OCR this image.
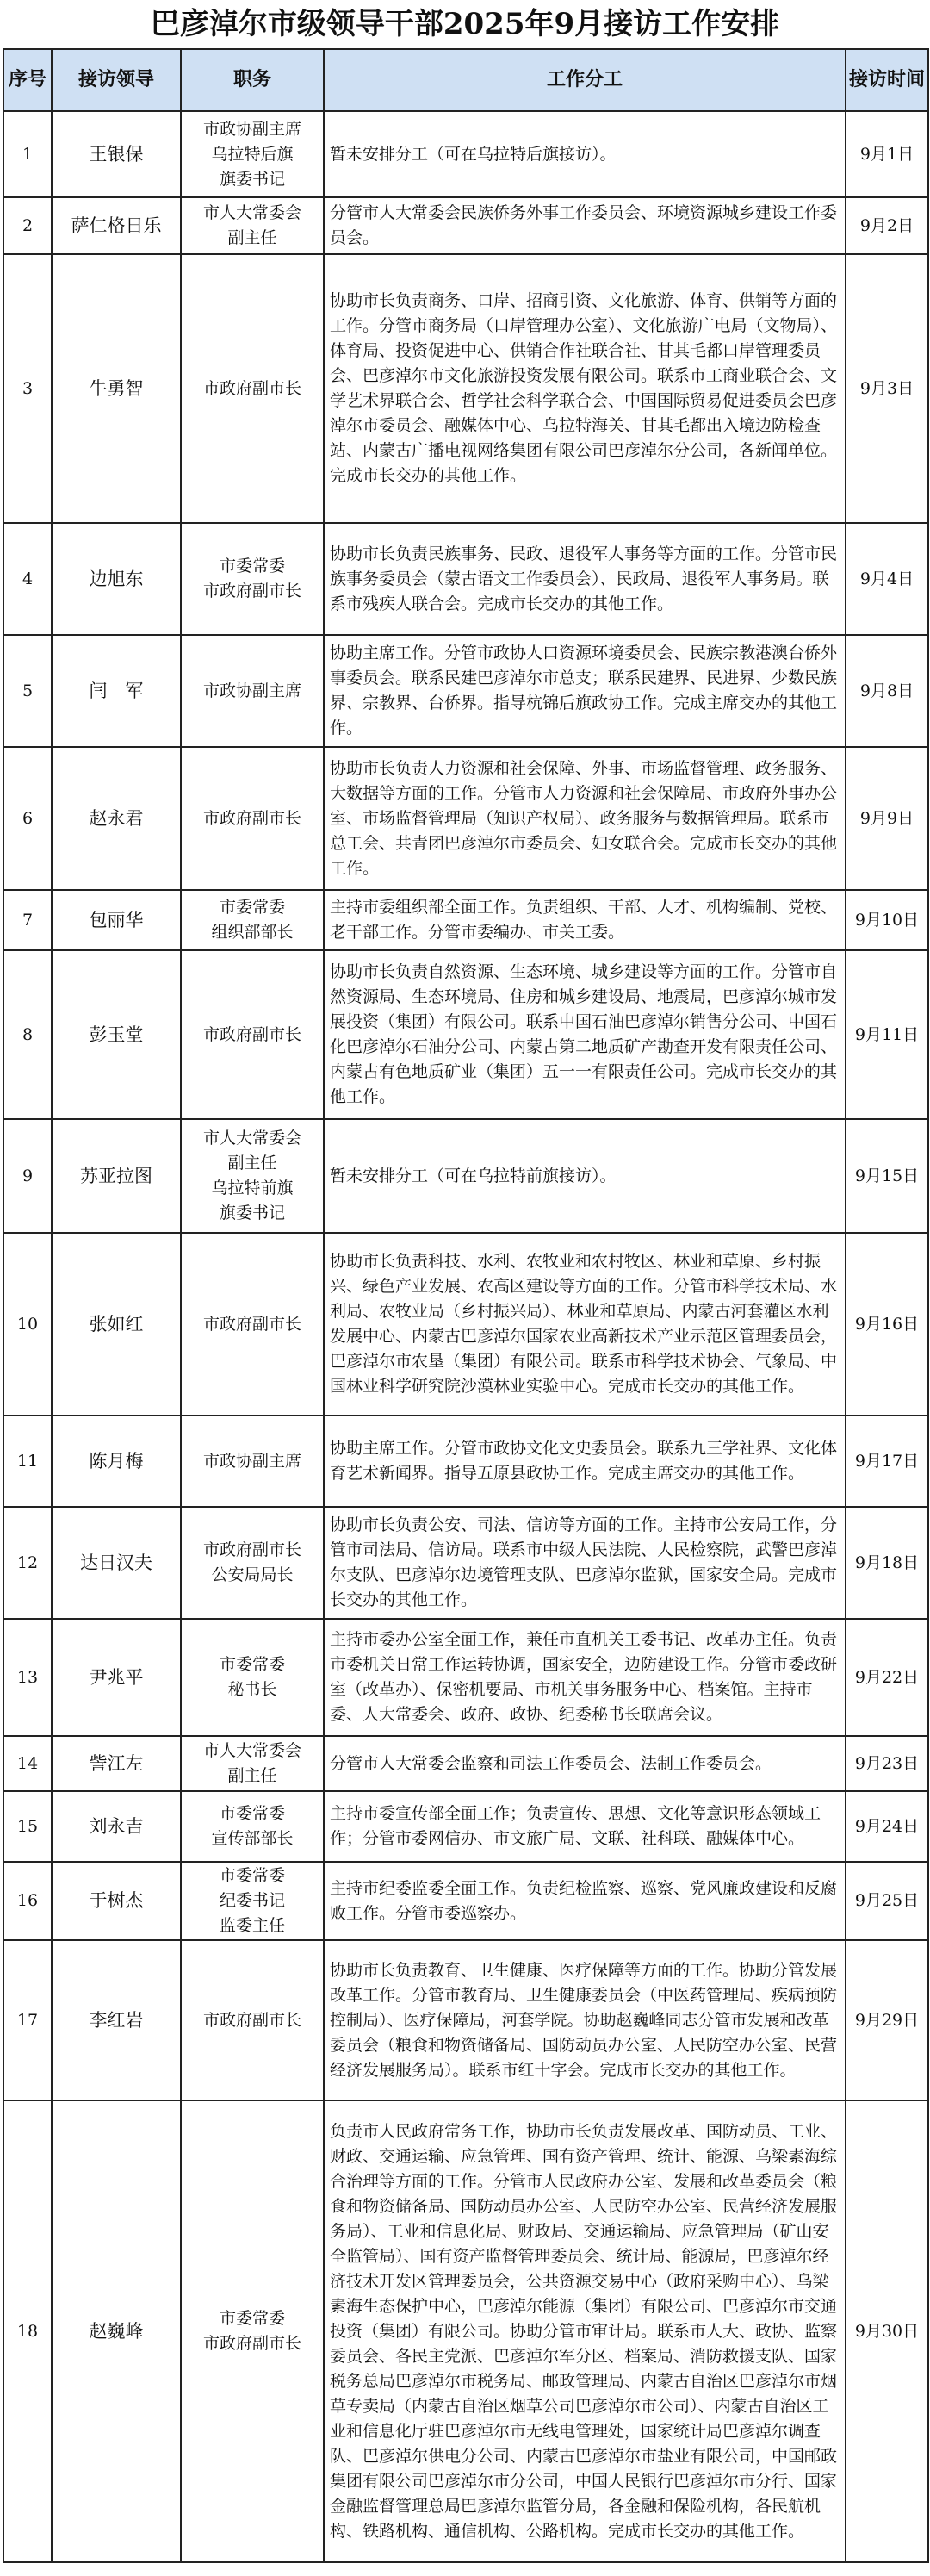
巴彦淖尔市级领导干部2025年9月接访工作安排
序号	接访领导	职务	工作分工	接访时间
1	王银保	市政协副主席
乌拉特后旗
旗委书记	暂未安排分工（可在乌拉特后旗接访）。	9月1日
2	萨仁格日乐	市人大常委会
副主任	分管市人大常委会民族侨务外事工作委员会、环境资源城乡建设工作委员会。	9月2日
3	牛勇智	市政府副市长	协助市长负责商务、口岸、招商引资、文化旅游、体育、供销等方面的工作。分管市商务局（口岸管理办公室）、文化旅游广电局（文物局）、体育局、投资促进中心、供销合作社联合社、甘其毛都口岸管理委员会、巴彦淖尔市文化旅游投资发展有限公司。联系市工商业联合会、文学艺术界联合会、哲学社会科学联合会、中国国际贸易促进委员会巴彦淖尔市委员会、融媒体中心、乌拉特海关、甘其毛都出入境边防检查站、内蒙古广播电视网络集团有限公司巴彦淖尔分公司，各新闻单位。完成市长交办的其他工作。	9月3日
4	边旭东	市委常委
市政府副市长	协助市长负责民族事务、民政、退役军人事务等方面的工作。分管市民族事务委员会（蒙古语文工作委员会）、民政局、退役军人事务局。联系市残疾人联合会。完成市长交办的其他工作。	9月4日
5	闫　军	市政协副主席	协助主席工作。分管市政协人口资源环境委员会、民族宗教港澳台侨外事委员会。联系民建巴彦淖尔市总支；联系民建界、民进界、少数民族界、宗教界、台侨界。指导杭锦后旗政协工作。完成主席交办的其他工作。	9月8日
6	赵永君	市政府副市长	协助市长负责人力资源和社会保障、外事、市场监督管理、政务服务、大数据等方面的工作。分管市人力资源和社会保障局、市政府外事办公室、市场监督管理局（知识产权局）、政务服务与数据管理局。联系市总工会、共青团巴彦淖尔市委员会、妇女联合会。完成市长交办的其他工作。	9月9日
7	包丽华	市委常委
组织部部长	主持市委组织部全面工作。负责组织、干部、人才、机构编制、党校、老干部工作。分管市委编办、市关工委。	9月10日
8	彭玉堂	市政府副市长	协助市长负责自然资源、生态环境、城乡建设等方面的工作。分管市自然资源局、生态环境局、住房和城乡建设局、地震局，巴彦淖尔城市发展投资（集团）有限公司。联系中国石油巴彦淖尔销售分公司、中国石化巴彦淖尔石油分公司、内蒙古第二地质矿产勘查开发有限责任公司、内蒙古有色地质矿业（集团）五一一有限责任公司。完成市长交办的其他工作。	9月11日
9	苏亚拉图	市人大常委会
副主任
乌拉特前旗
旗委书记	暂未安排分工（可在乌拉特前旗接访）。	9月15日
10	张如红	市政府副市长	协助市长负责科技、水利、农牧业和农村牧区、林业和草原、乡村振兴、绿色产业发展、农高区建设等方面的工作。分管市科学技术局、水利局、农牧业局（乡村振兴局）、林业和草原局、内蒙古河套灌区水利发展中心、内蒙古巴彦淖尔国家农业高新技术产业示范区管理委员会，巴彦淖尔市农垦（集团）有限公司。联系市科学技术协会、气象局、中国林业科学研究院沙漠林业实验中心。完成市长交办的其他工作。	9月16日
11	陈月梅	市政协副主席	协助主席工作。分管市政协文化文史委员会。联系九三学社界、文化体育艺术新闻界。指导五原县政协工作。完成主席交办的其他工作。	9月17日
12	达日汉夫	市政府副市长
公安局局长	协助市长负责公安、司法、信访等方面的工作。主持市公安局工作，分管市司法局、信访局。联系市中级人民法院、人民检察院，武警巴彦淖尔支队、巴彦淖尔边境管理支队、巴彦淖尔监狱，国家安全局。完成市长交办的其他工作。	9月18日
13	尹兆平	市委常委
秘书长	主持市委办公室全面工作，兼任市直机关工委书记、改革办主任。负责市委机关日常工作运转协调，国家安全，边防建设工作。分管市委政研室（改革办）、保密机要局、市机关事务服务中心、档案馆。主持市委、人大常委会、政府、政协、纪委秘书长联席会议。	9月22日
14	訾江左	市人大常委会
副主任	分管市人大常委会监察和司法工作委员会、法制工作委员会。	9月23日
15	刘永吉	市委常委
宣传部部长	主持市委宣传部全面工作；负责宣传、思想、文化等意识形态领域工作；分管市委网信办、市文旅广局、文联、社科联、融媒体中心。	9月24日
16	于树杰	市委常委
纪委书记
监委主任	主持市纪委监委全面工作。负责纪检监察、巡察、党风廉政建设和反腐败工作。分管市委巡察办。	9月25日
17	李红岩	市政府副市长	协助市长负责教育、卫生健康、医疗保障等方面的工作。协助分管发展改革工作。分管市教育局、卫生健康委员会（中医药管理局、疾病预防控制局）、医疗保障局，河套学院。协助赵巍峰同志分管市发展和改革委员会（粮食和物资储备局、国防动员办公室、人民防空办公室、民营经济发展服务局）。联系市红十字会。完成市长交办的其他工作。	9月29日
18	赵巍峰	市委常委
市政府副市长	负责市人民政府常务工作，协助市长负责发展改革、国防动员、工业、财政、交通运输、应急管理、国有资产管理、统计、能源、乌梁素海综合治理等方面的工作。分管市人民政府办公室、发展和改革委员会（粮食和物资储备局、国防动员办公室、人民防空办公室、民营经济发展服务局）、工业和信息化局、财政局、交通运输局、应急管理局（矿山安全监管局）、国有资产监督管理委员会、统计局、能源局，巴彦淖尔经济技术开发区管理委员会，公共资源交易中心（政府采购中心）、乌梁素海生态保护中心，巴彦淖尔能源（集团）有限公司、巴彦淖尔市交通投资（集团）有限公司。协助分管市审计局。联系市人大、政协、监察委员会、各民主党派、巴彦淖尔军分区、档案局、消防救援支队、国家税务总局巴彦淖尔市税务局、邮政管理局、内蒙古自治区巴彦淖尔市烟草专卖局（内蒙古自治区烟草公司巴彦淖尔市公司）、内蒙古自治区工业和信息化厅驻巴彦淖尔市无线电管理处，国家统计局巴彦淖尔调查队、巴彦淖尔供电分公司、内蒙古巴彦淖尔市盐业有限公司，中国邮政集团有限公司巴彦淖尔市分公司，中国人民银行巴彦淖尔市分行、国家金融监督管理总局巴彦淖尔监管分局，各金融和保险机构，各民航机构、铁路机构、通信机构、公路机构。完成市长交办的其他工作。	9月30日
